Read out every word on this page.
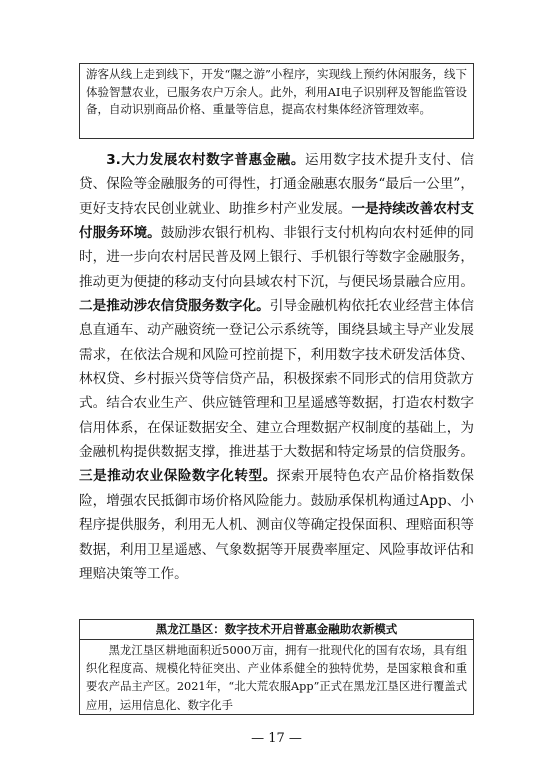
游客从线上走到线下，开发“隰之游”小程序，实现线上预约休闲服务，线下体验智慧农业，已服务农户万余人。此外，利用AI电子识别秤及智能监管设备，自动识别商品价格、重量等信息，提高农村集体经济管理效率。

3.大力发展农村数字普惠金融。运用数字技术提升支付、信贷、保险等金融服务的可得性，打通金融惠农服务“最后一公里”，更好支持农民创业就业、助推乡村产业发展。一是持续改善农村支付服务环境。鼓励涉农银行机构、非银行支付机构向农村延伸的同时，进一步向农村居民普及网上银行、手机银行等数字金融服务，推动更为便捷的移动支付向县域农村下沉，与便民场景融合应用。二是推动涉农信贷服务数字化。引导金融机构依托农业经营主体信息直通车、动产融资统一登记公示系统等，围绕县域主导产业发展需求，在依法合规和风险可控前提下，利用数字技术研发活体贷、林权贷、乡村振兴贷等信贷产品，积极探索不同形式的信用贷款方式。结合农业生产、供应链管理和卫星遥感等数据，打造农村数字信用体系，在保证数据安全、建立合理数据产权制度的基础上，为金融机构提供数据支撑，推进基于大数据和特定场景的信贷服务。三是推动农业保险数字化转型。探索开展特色农产品价格指数保险，增强农民抵御市场价格风险能力。鼓励承保机构通过App、小程序提供服务，利用无人机、测亩仪等确定投保面积、理赔面积等数据，利用卫星遥感、气象数据等开展费率厘定、风险事故评估和理赔决策等工作。

黑龙江垦区：数字技术开启普惠金融助农新模式

黑龙江垦区耕地面积近5000万亩，拥有一批现代化的国有农场，具有组织化程度高、规模化特征突出、产业体系健全的独特优势，是国家粮食和重要农产品主产区。2021年，“北大荒农服App”正式在黑龙江垦区进行覆盖式应用，运用信息化、数字化手

— 17 —
